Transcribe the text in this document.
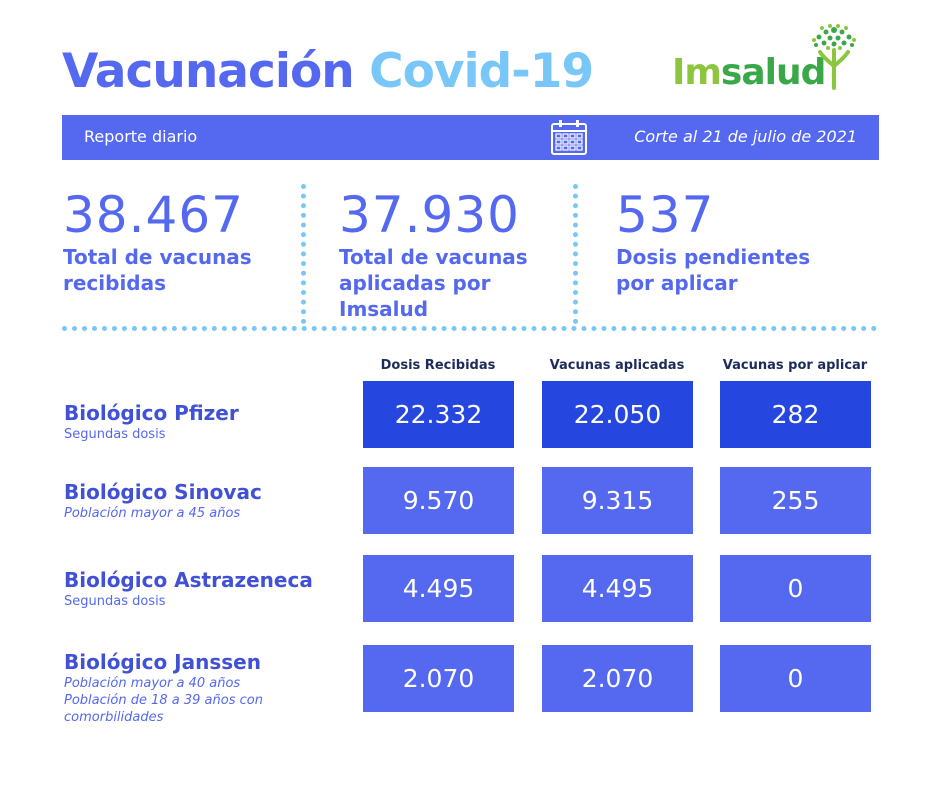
Vacunación Covid-19 Imsalud
Reporte diario	Corte al 21 de julio de 2021
38.467
Total de vacunas
recibidas
37.930
Total de vacunas
aplicadas por
Imsalud
537
Dosis pendientes
por aplicar
Dosis Recibidas	Vacunas aplicadas	Vacunas por aplicar
Biológico Pfizer
Segundas dosis
22.332	22.050	282
Biológico Sinovac
Población mayor a 45 años	9.570	9.315	255
Biológico Astrazeneca
Segundas dosis	4.495	4.495	0
Biológico Janssen
Población mayor a 40 años
Población de 18 a 39 años con
comorbilidades
2.070	2.070	0
